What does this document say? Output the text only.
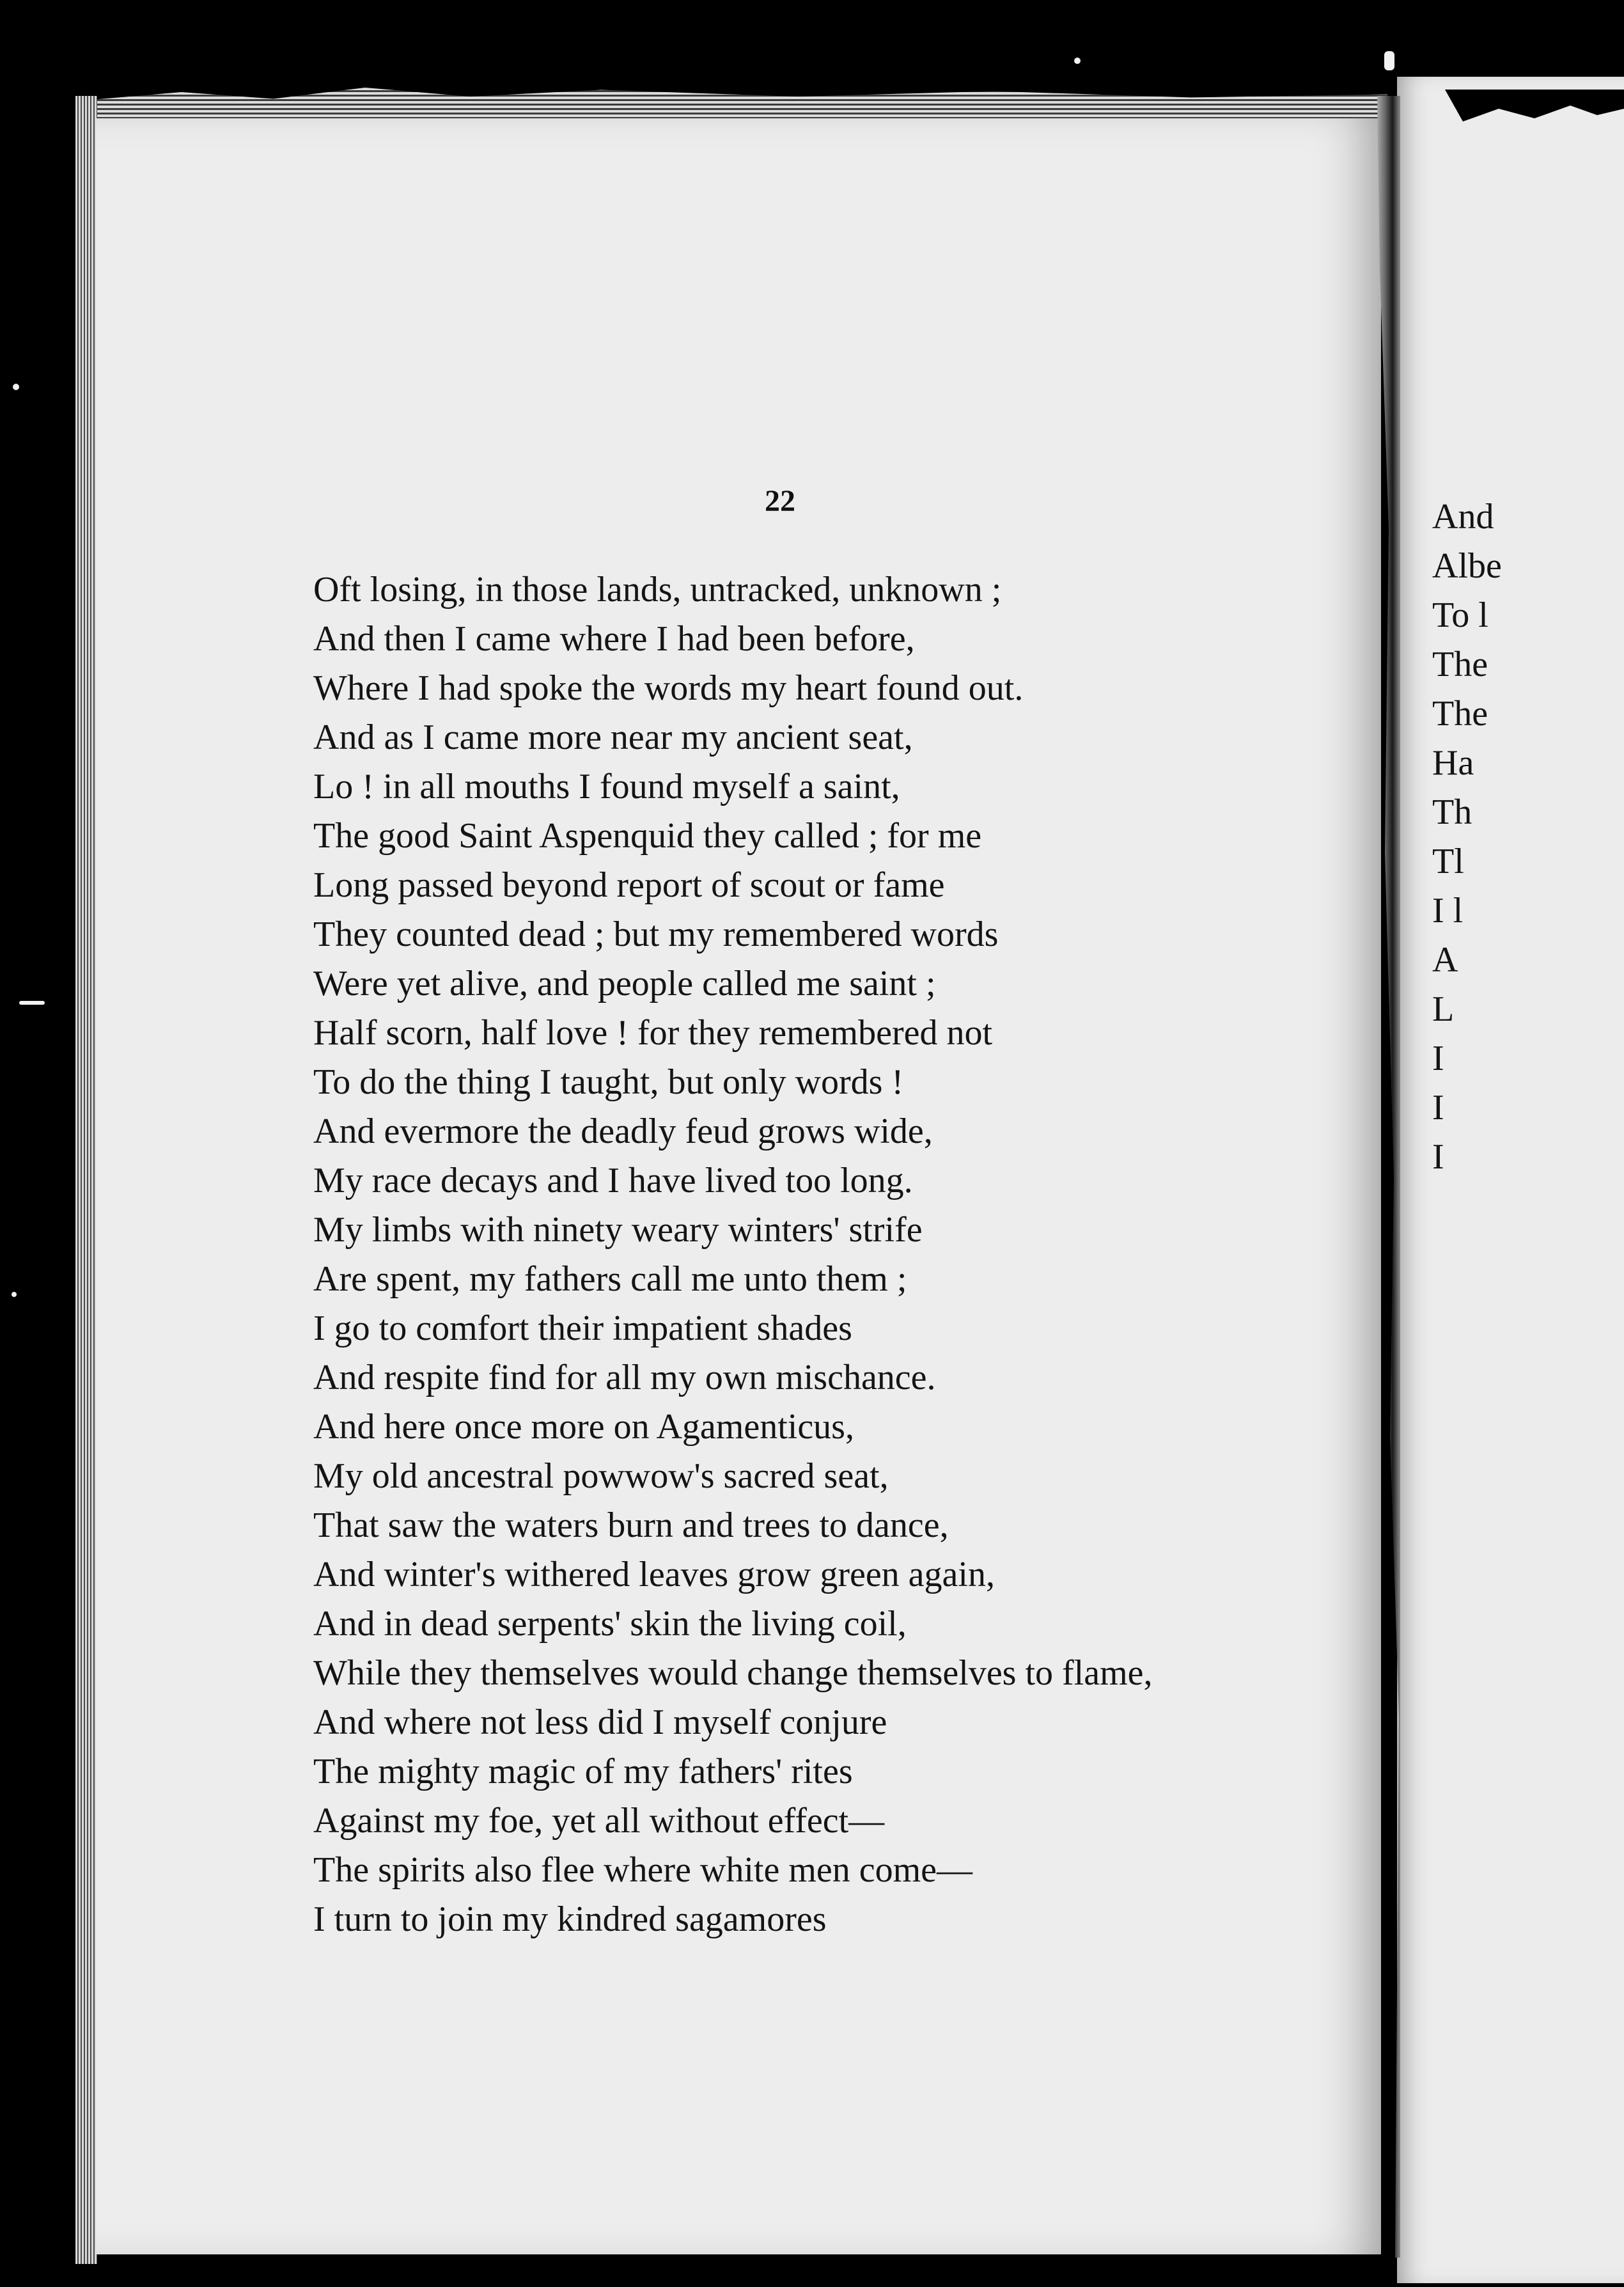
22
Oft losing, in those lands, untracked, unknown ;
And then I came where I had been before,
Where I had spoke the words my heart found out.
And as I came more near my ancient seat,
Lo ! in all mouths I found myself a saint,
The good Saint Aspenquid they called ; for me
Long passed beyond report of scout or fame
They counted dead ; but my remembered words
Were yet alive, and people called me saint ;
Half scorn, half love ! for they remembered not
To do the thing I taught, but only words !
And evermore the deadly feud grows wide,
My race decays and I have lived too long.
My limbs with ninety weary winters' strife
Are spent, my fathers call me unto them ;
I go to comfort their impatient shades
And respite find for all my own mischance.
And here once more on Agamenticus,
My old ancestral powwow's sacred seat,
That saw the waters burn and trees to dance,
And winter's withered leaves grow green again,
And in dead serpents' skin the living coil,
While they themselves would change themselves to flame,
And where not less did I myself conjure
The mighty magic of my fathers' rites
Against my foe, yet all without effect—
The spirits also flee where white men come—
I turn to join my kindred sagamores
And
Albe
To l
The
The
Ha
Th
Tl
I l
A
L
I
I
I
